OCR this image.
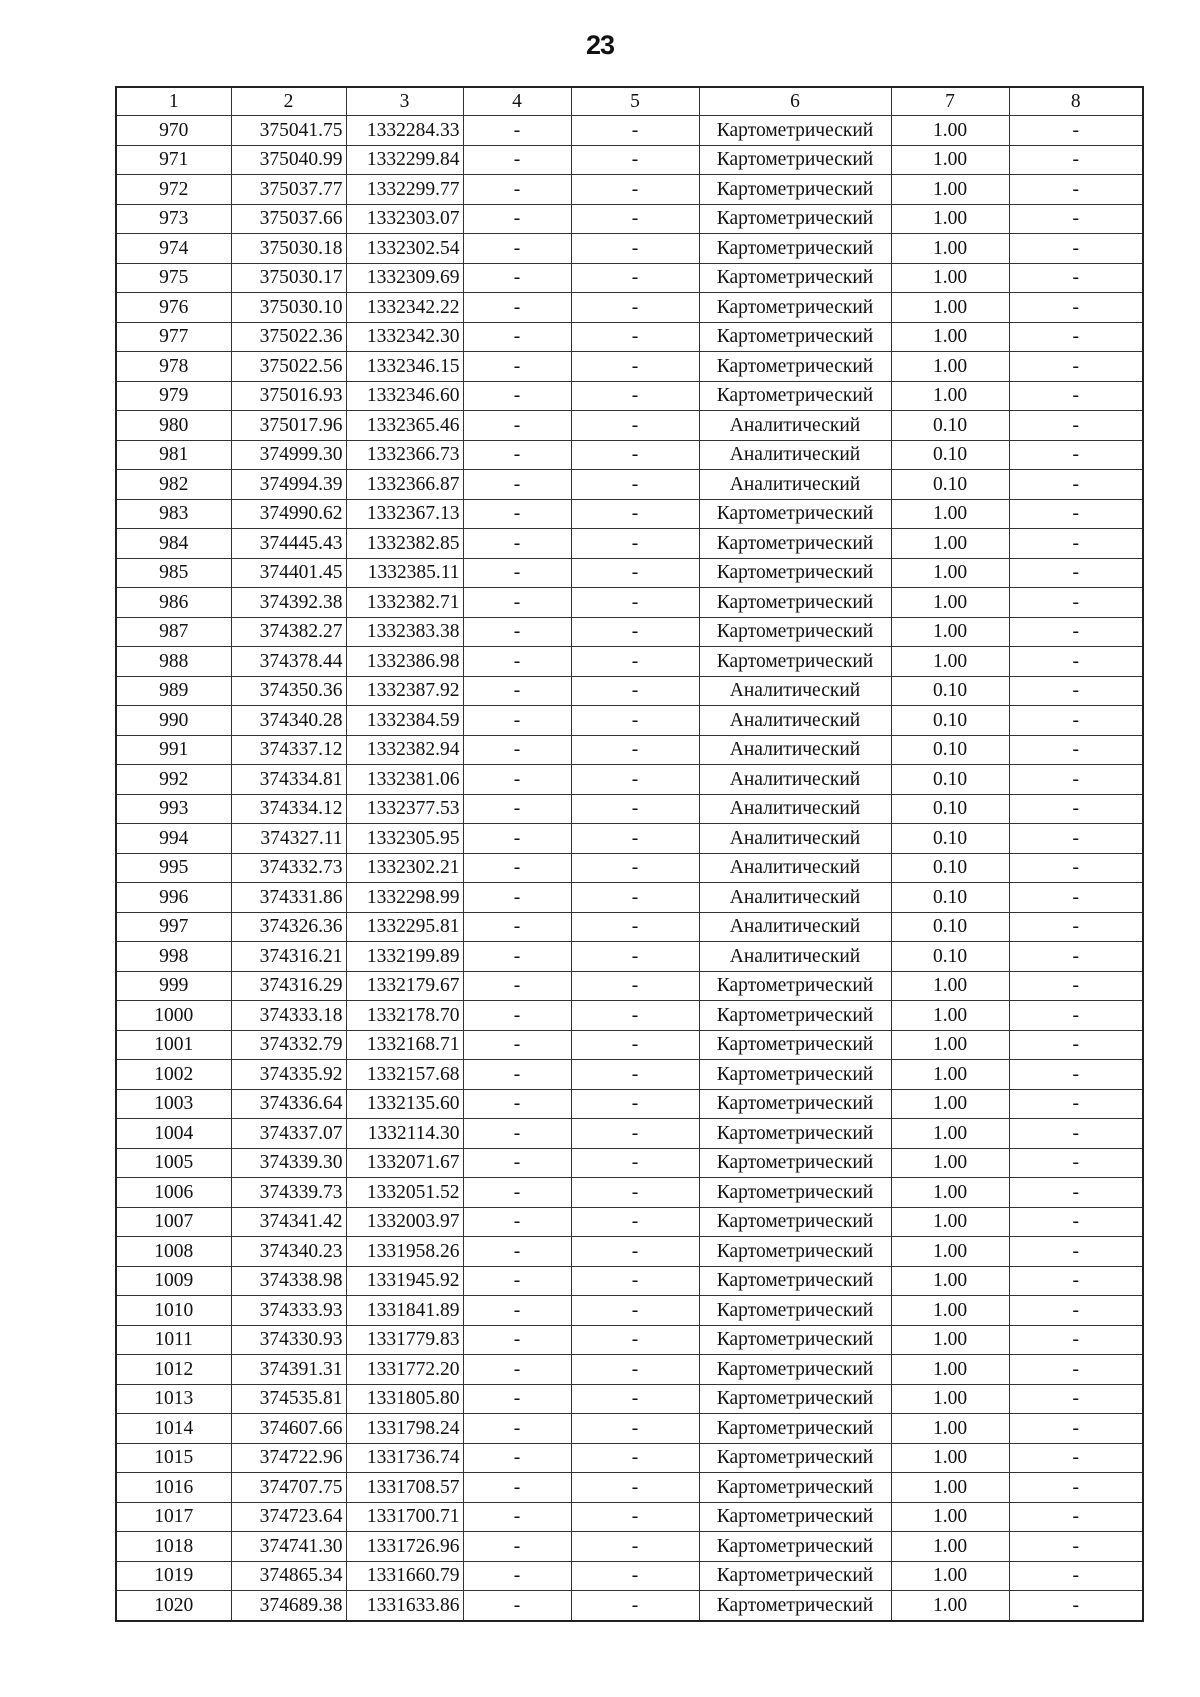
23
1	2	3	4	5	6	7	8
970	375041.75	1332284.33	-	-	Картометрический	1.00	-
971	375040.99	1332299.84	-	-	Картометрический	1.00	-
972	375037.77	1332299.77	-	-	Картометрический	1.00	-
973	375037.66	1332303.07	-	-	Картометрический	1.00	-
974	375030.18	1332302.54	-	-	Картометрический	1.00	-
975	375030.17	1332309.69	-	-	Картометрический	1.00	-
976	375030.10	1332342.22	-	-	Картометрический	1.00	-
977	375022.36	1332342.30	-	-	Картометрический	1.00	-
978	375022.56	1332346.15	-	-	Картометрический	1.00	-
979	375016.93	1332346.60	-	-	Картометрический	1.00	-
980	375017.96	1332365.46	-	-	Аналитический	0.10	-
981	374999.30	1332366.73	-	-	Аналитический	0.10	-
982	374994.39	1332366.87	-	-	Аналитический	0.10	-
983	374990.62	1332367.13	-	-	Картометрический	1.00	-
984	374445.43	1332382.85	-	-	Картометрический	1.00	-
985	374401.45	1332385.11	-	-	Картометрический	1.00	-
986	374392.38	1332382.71	-	-	Картометрический	1.00	-
987	374382.27	1332383.38	-	-	Картометрический	1.00	-
988	374378.44	1332386.98	-	-	Картометрический	1.00	-
989	374350.36	1332387.92	-	-	Аналитический	0.10	-
990	374340.28	1332384.59	-	-	Аналитический	0.10	-
991	374337.12	1332382.94	-	-	Аналитический	0.10	-
992	374334.81	1332381.06	-	-	Аналитический	0.10	-
993	374334.12	1332377.53	-	-	Аналитический	0.10	-
994	374327.11	1332305.95	-	-	Аналитический	0.10	-
995	374332.73	1332302.21	-	-	Аналитический	0.10	-
996	374331.86	1332298.99	-	-	Аналитический	0.10	-
997	374326.36	1332295.81	-	-	Аналитический	0.10	-
998	374316.21	1332199.89	-	-	Аналитический	0.10	-
999	374316.29	1332179.67	-	-	Картометрический	1.00	-
1000	374333.18	1332178.70	-	-	Картометрический	1.00	-
1001	374332.79	1332168.71	-	-	Картометрический	1.00	-
1002	374335.92	1332157.68	-	-	Картометрический	1.00	-
1003	374336.64	1332135.60	-	-	Картометрический	1.00	-
1004	374337.07	1332114.30	-	-	Картометрический	1.00	-
1005	374339.30	1332071.67	-	-	Картометрический	1.00	-
1006	374339.73	1332051.52	-	-	Картометрический	1.00	-
1007	374341.42	1332003.97	-	-	Картометрический	1.00	-
1008	374340.23	1331958.26	-	-	Картометрический	1.00	-
1009	374338.98	1331945.92	-	-	Картометрический	1.00	-
1010	374333.93	1331841.89	-	-	Картометрический	1.00	-
1011	374330.93	1331779.83	-	-	Картометрический	1.00	-
1012	374391.31	1331772.20	-	-	Картометрический	1.00	-
1013	374535.81	1331805.80	-	-	Картометрический	1.00	-
1014	374607.66	1331798.24	-	-	Картометрический	1.00	-
1015	374722.96	1331736.74	-	-	Картометрический	1.00	-
1016	374707.75	1331708.57	-	-	Картометрический	1.00	-
1017	374723.64	1331700.71	-	-	Картометрический	1.00	-
1018	374741.30	1331726.96	-	-	Картометрический	1.00	-
1019	374865.34	1331660.79	-	-	Картометрический	1.00	-
1020	374689.38	1331633.86	-	-	Картометрический	1.00	-
